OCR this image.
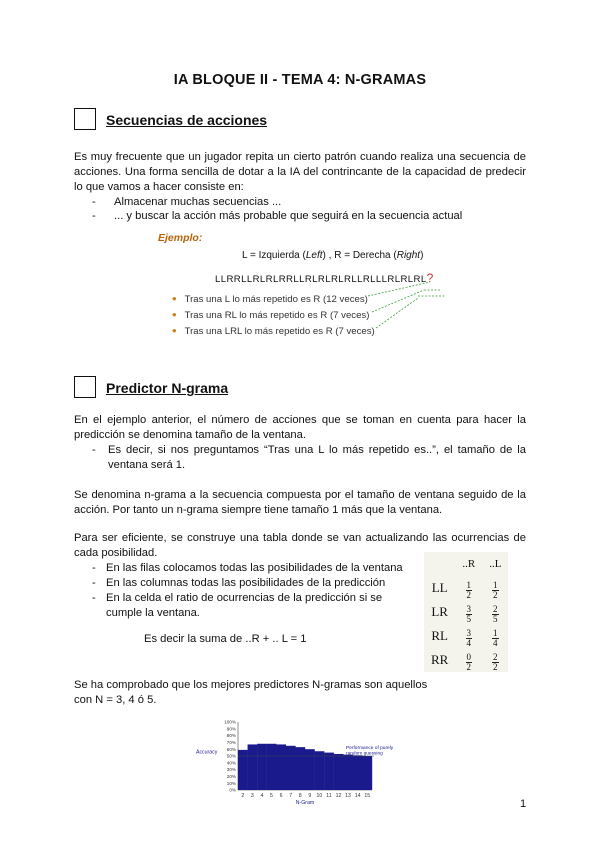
IA BLOQUE II - TEMA 4: N-GRAMAS
Secuencias de acciones
Es muy frecuente que un jugador repita un cierto patrón cuando realiza una secuencia de acciones. Una forma sencilla de dotar a la IA del contrincante de la capacidad de predecir lo que vamos a hacer consiste en:
- Almacenar muchas secuencias ...
- ... y buscar la acción más probable que seguirá en la secuencia actual
Ejemplo:
L = Izquierda (Left) , R = Derecha (Right)
LLRRLLRLRLRRLLRLRLRLRLLRLLLRLRLRL?
• Tras una L lo más repetido es R (12 veces)
• Tras una RL lo más repetido es R (7 veces)
• Tras una LRL lo más repetido es R (7 veces)
Predictor N-grama
En el ejemplo anterior, el número de acciones que se toman en cuenta para hacer la predicción se denomina tamaño de la ventana.
- Es decir, si nos preguntamos “Tras una L lo más repetido es..”, el tamaño de la ventana será 1.
Se denomina n-grama a la secuencia compuesta por el tamaño de ventana seguido de la acción. Por tanto un n-grama siempre tiene tamaño 1 más que la ventana.
Para ser eficiente, se construye una tabla donde se van actualizando las ocurrencias de cada posibilidad.
- En las filas colocamos todas las posibilidades de la ventana
- En las columnas todas las posibilidades de la predicción
- En la celda el ratio de ocurrencias de la predicción si se cumple la ventana.
Es decir la suma de ..R + .. L = 1
	..R	..L
LL	$\frac{1}{2}$	$\frac{1}{2}$

LR	$\frac{3}{5}$	$\frac{2}{5}$

RL	$\frac{3}{4}$	$\frac{1}{4}$

RR	$\frac{0}{2}$	$\frac{2}{2}$
Se ha comprobado que los mejores predictores N-gramas son aquellos
con N = 3, 4 ó 5.
0%
10%
20%
30%
40%
50%
60%
70%
80%
90%
100%
2 3 4 5 6 7 8 9 10 11 12 13 14 15
Performance of purely
random guessing
Accuracy
N-Gram	1
